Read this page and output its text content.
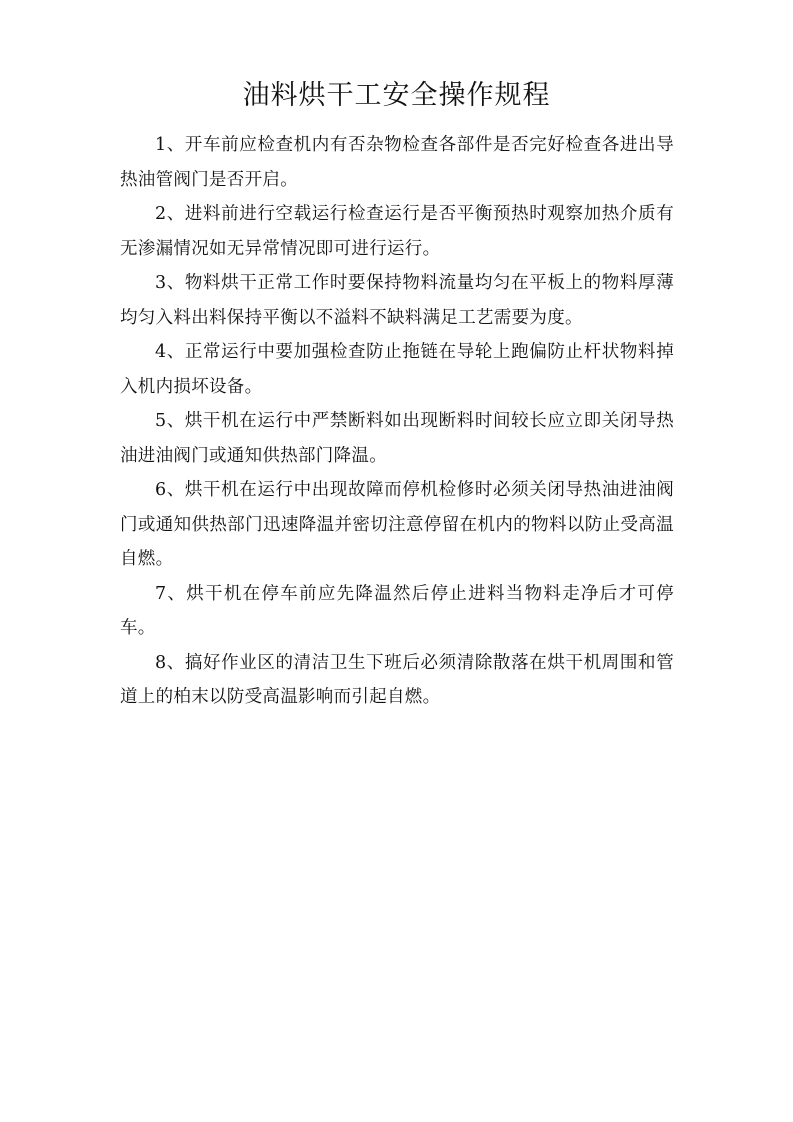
油料烘干工安全操作规程

1、开车前应检查机内有否杂物检查各部件是否完好检查各进出导热油管阀门是否开启。

2、进料前进行空载运行检查运行是否平衡预热时观察加热介质有无渗漏情况如无异常情况即可进行运行。

3、物料烘干正常工作时要保持物料流量均匀在平板上的物料厚薄均匀入料出料保持平衡以不溢料不缺料满足工艺需要为度。

4、正常运行中要加强检查防止拖链在导轮上跑偏防止杆状物料掉入机内损坏设备。

5、烘干机在运行中严禁断料如出现断料时间较长应立即关闭导热油进油阀门或通知供热部门降温。

6、烘干机在运行中出现故障而停机检修时必须关闭导热油进油阀门或通知供热部门迅速降温并密切注意停留在机内的物料以防止受高温自燃。

7、烘干机在停车前应先降温然后停止进料当物料走净后才可停车。

8、搞好作业区的清洁卫生下班后必须清除散落在烘干机周围和管道上的柏末以防受高温影响而引起自燃。
